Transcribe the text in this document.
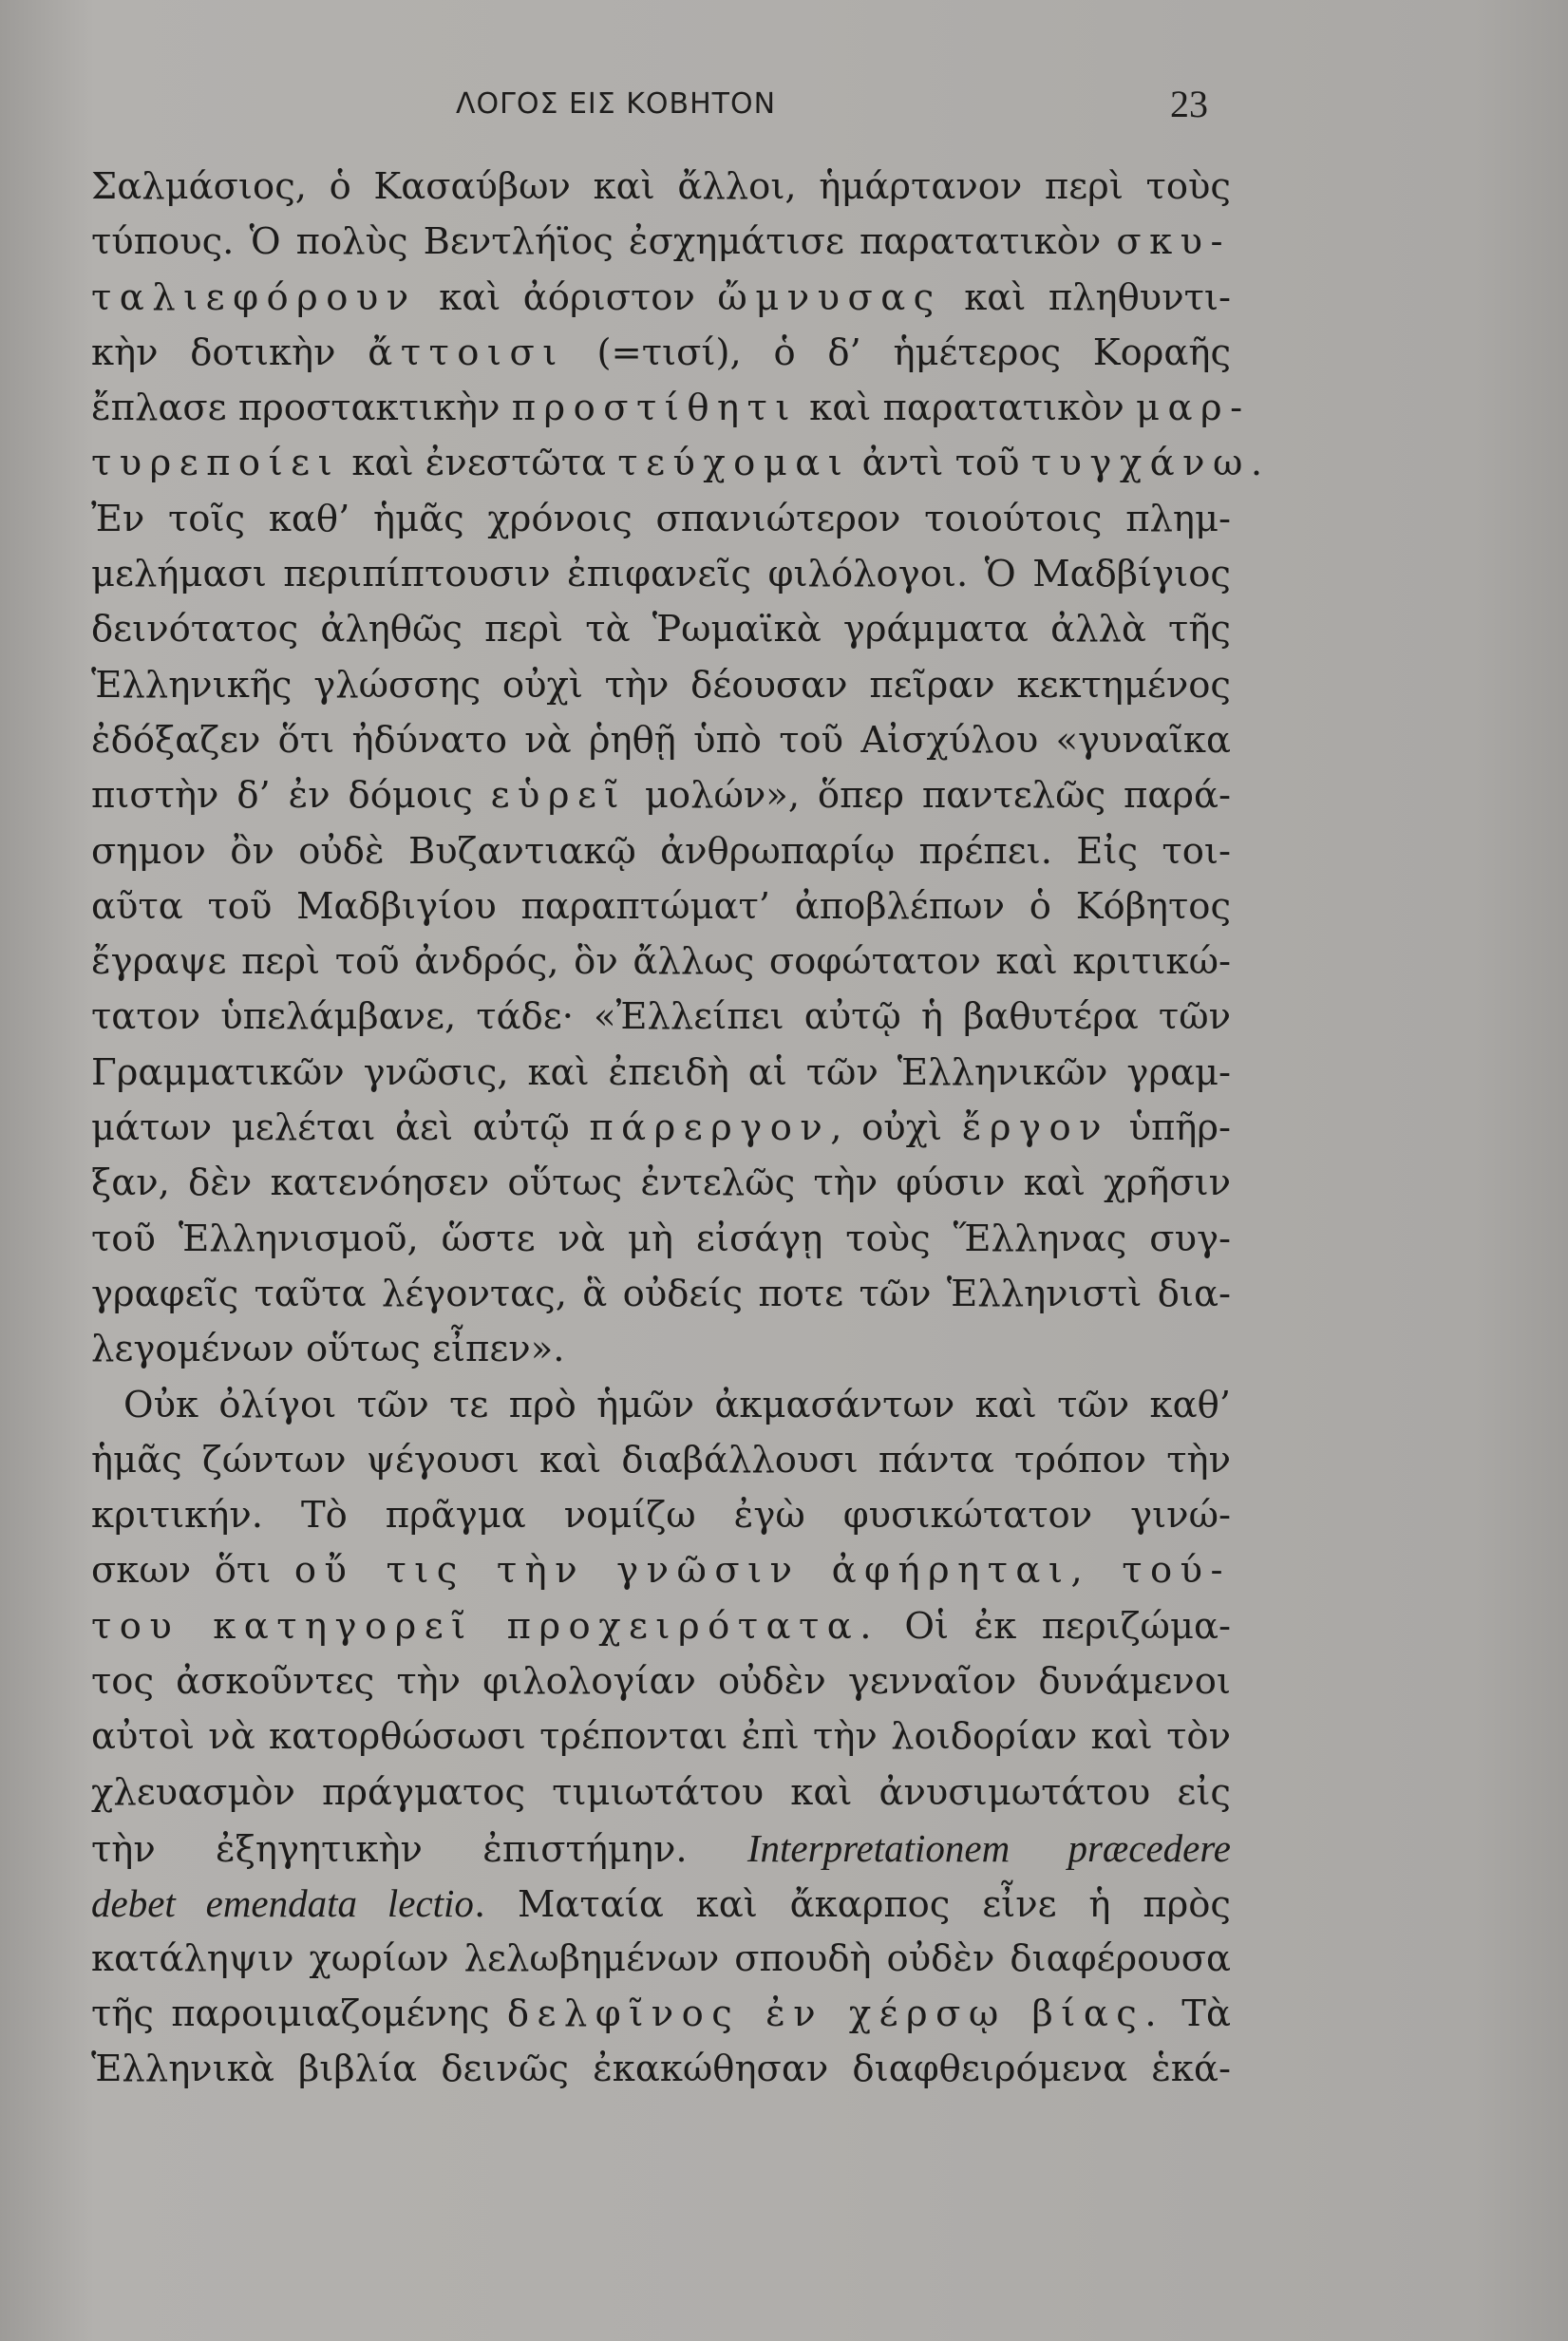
ΛΟΓΟΣ ΕΙΣ ΚΟΒΗΤΟΝ	23
Σαλμάσιος, ὁ Κασαύβων καὶ ἄλλοι, ἡμάρτανον περὶ τοὺς
τύπους. Ὁ πολὺς Βεντλήϊος ἐσχημάτισε παρατατικὸν σκυ-
ταλιεφόρουν καὶ ἀόριστον ὤμνυσας καὶ πληθυντι-
κὴν δοτικὴν ἄττοισι (=τισί), ὁ δ’ ἡμέτερος Κοραῆς
ἔπλασε προστακτικὴν προστίθητι καὶ παρατατικὸν μαρ-
τυρεποίει καὶ ἐνεστῶτα τεύχομαι ἀντὶ τοῦ τυγχάνω.
Ἐν τοῖς καθ’ ἡμᾶς χρόνοις σπανιώτερον τοιούτοις πλημ-
μελήμασι περιπίπτουσιν ἐπιφανεῖς φιλόλογοι. Ὁ Μαδβίγιος
δεινότατος ἀληθῶς περὶ τὰ Ῥωμαϊκὰ γράμματα ἀλλὰ τῆς
Ἑλληνικῆς γλώσσης οὐχὶ τὴν δέουσαν πεῖραν κεκτημένος
ἐδόξαζεν ὅτι ἠδύνατο νὰ ῥηθῇ ὑπὸ τοῦ Αἰσχύλου «γυναῖκα
πιστὴν δ’ ἐν δόμοις εὑρεῖ μολών», ὅπερ παντελῶς παρά-
σημον ὂν οὐδὲ Βυζαντιακῷ ἀνθρωπαρίῳ πρέπει. Εἰς τοι-
αῦτα τοῦ Μαδβιγίου παραπτώματ’ ἀποβλέπων ὁ Κόβητος
ἔγραψε περὶ τοῦ ἀνδρός, ὃν ἄλλως σοφώτατον καὶ κριτικώ-
τατον ὑπελάμβανε, τάδε· «Ἐλλείπει αὐτῷ ἡ βαθυτέρα τῶν
Γραμματικῶν γνῶσις, καὶ ἐπειδὴ αἱ τῶν Ἑλληνικῶν γραμ-
μάτων μελέται ἀεὶ αὐτῷ πάρεργον, οὐχὶ ἔργον ὑπῆρ-
ξαν, δὲν κατενόησεν οὕτως ἐντελῶς τὴν φύσιν καὶ χρῆσιν
τοῦ Ἑλληνισμοῦ, ὥστε νὰ μὴ εἰσάγῃ τοὺς Ἕλληνας συγ-
γραφεῖς ταῦτα λέγοντας, ἃ οὐδείς ποτε τῶν Ἑλληνιστὶ δια-
λεγομένων οὕτως εἶπεν».
Οὐκ ὀλίγοι τῶν τε πρὸ ἡμῶν ἀκμασάντων καὶ τῶν καθ’
ἡμᾶς ζώντων ψέγουσι καὶ διαβάλλουσι πάντα τρόπον τὴν
κριτικήν. Τὸ πρᾶγμα νομίζω ἐγὼ φυσικώτατον γινώ-
σκων ὅτι οὔ τις τὴν γνῶσιν ἀφήρηται, τού-
του κατηγορεῖ προχειρότατα. Οἱ ἐκ περιζώμα-
τος ἀσκοῦντες τὴν φιλολογίαν οὐδὲν γενναῖον δυνάμενοι
αὐτοὶ νὰ κατορθώσωσι τρέπονται ἐπὶ τὴν λοιδορίαν καὶ τὸν
χλευασμὸν πράγματος τιμιωτάτου καὶ ἀνυσιμωτάτου εἰς
τὴν ἐξηγητικὴν ἐπιστήμην. Interpretationem præcedere
debet emendata lectio. Ματαία καὶ ἄκαρπος εἶνε ἡ πρὸς
κατάληψιν χωρίων λελωβημένων σπουδὴ οὐδὲν διαφέρουσα
τῆς παροιμιαζομένης δελφῖνος ἐν χέρσῳ βίας. Τὰ
Ἑλληνικὰ βιβλία δεινῶς ἐκακώθησαν διαφθειρόμενα ἑκά-
